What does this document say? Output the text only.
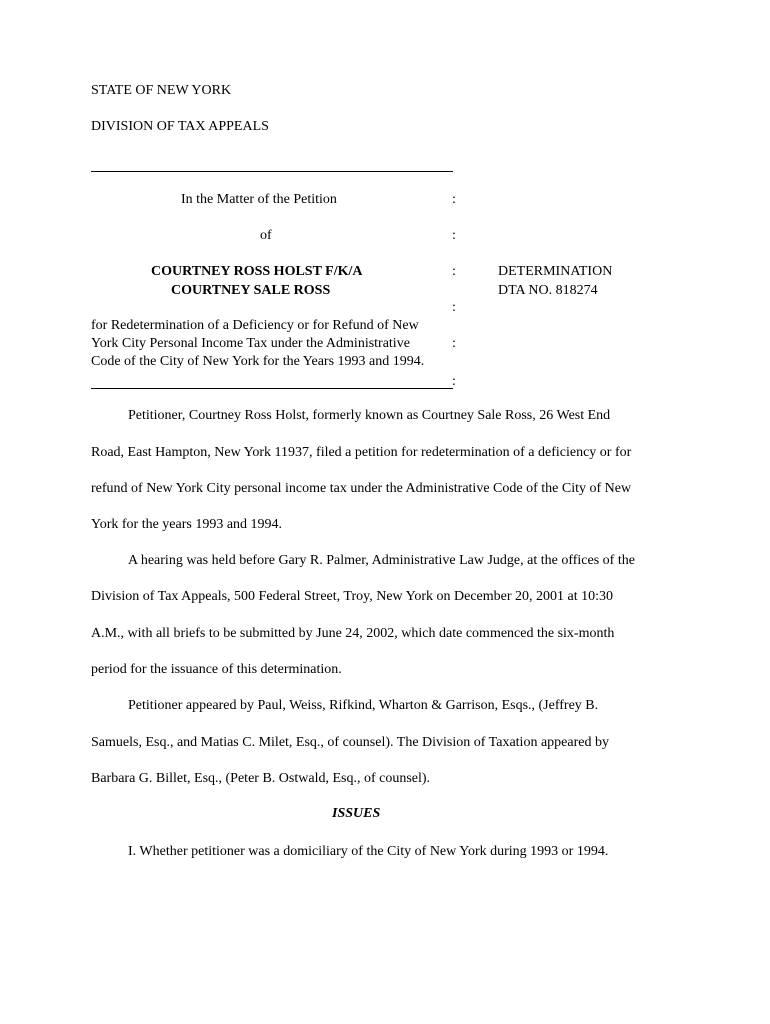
STATE OF NEW YORK
DIVISION OF TAX APPEALS
In the Matter of the Petition
of
COURTNEY ROSS HOLST F/K/A
COURTNEY SALE ROSS
for Redetermination of a Deficiency or for Refund of New
York City Personal Income Tax under the Administrative
Code of the City of New York for the Years 1993 and 1994.
:
:
:
:
:
:
DETERMINATION
DTA NO. 818274
Petitioner, Courtney Ross Holst, formerly known as Courtney Sale Ross, 26 West End
Road, East Hampton, New York 11937, filed a petition for redetermination of a deficiency or for
refund of New York City personal income tax under the Administrative Code of the City of New
York for the years 1993 and 1994.
A hearing was held before Gary R. Palmer, Administrative Law Judge, at the offices of the
Division of Tax Appeals, 500 Federal Street, Troy, New York on December 20, 2001 at 10:30
A.M., with all briefs to be submitted by June 24, 2002, which date commenced the six-month
period for the issuance of this determination.
Petitioner appeared by Paul, Weiss, Rifkind, Wharton & Garrison, Esqs., (Jeffrey B.
Samuels, Esq., and Matias C. Milet, Esq., of counsel). The Division of Taxation appeared by
Barbara G. Billet, Esq., (Peter B. Ostwald, Esq., of counsel).
ISSUES
I. Whether petitioner was a domiciliary of the City of New York during 1993 or 1994.
